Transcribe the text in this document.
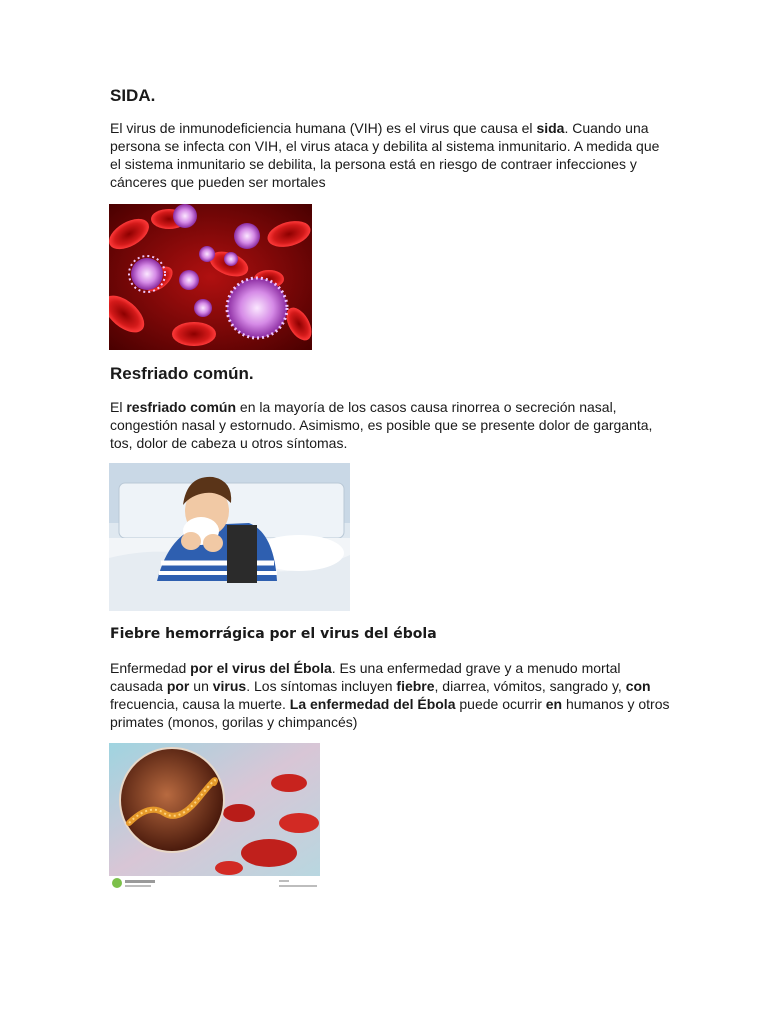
SIDA.

El virus de inmunodeficiencia humana (VIH) es el virus que causa el sida. Cuando una persona se infecta con VIH, el virus ataca y debilita al sistema inmunitario. A medida que el sistema inmunitario se debilita, la persona está en riesgo de contraer infecciones y cánceres que pueden ser mortales

Resfriado común.

El resfriado común en la mayoría de los casos causa rinorrea o secreción nasal, congestión nasal y estornudo. Asimismo, es posible que se presente dolor de garganta, tos, dolor de cabeza u otros síntomas.

Fiebre hemorrágica por el virus del ébola

Enfermedad por el virus del Ébola. Es una enfermedad grave y a menudo mortal causada por un virus. Los síntomas incluyen fiebre, diarrea, vómitos, sangrado y, con frecuencia, causa la muerte. La enfermedad del Ébola puede ocurrir en humanos y otros primates (monos, gorilas y chimpancés)
